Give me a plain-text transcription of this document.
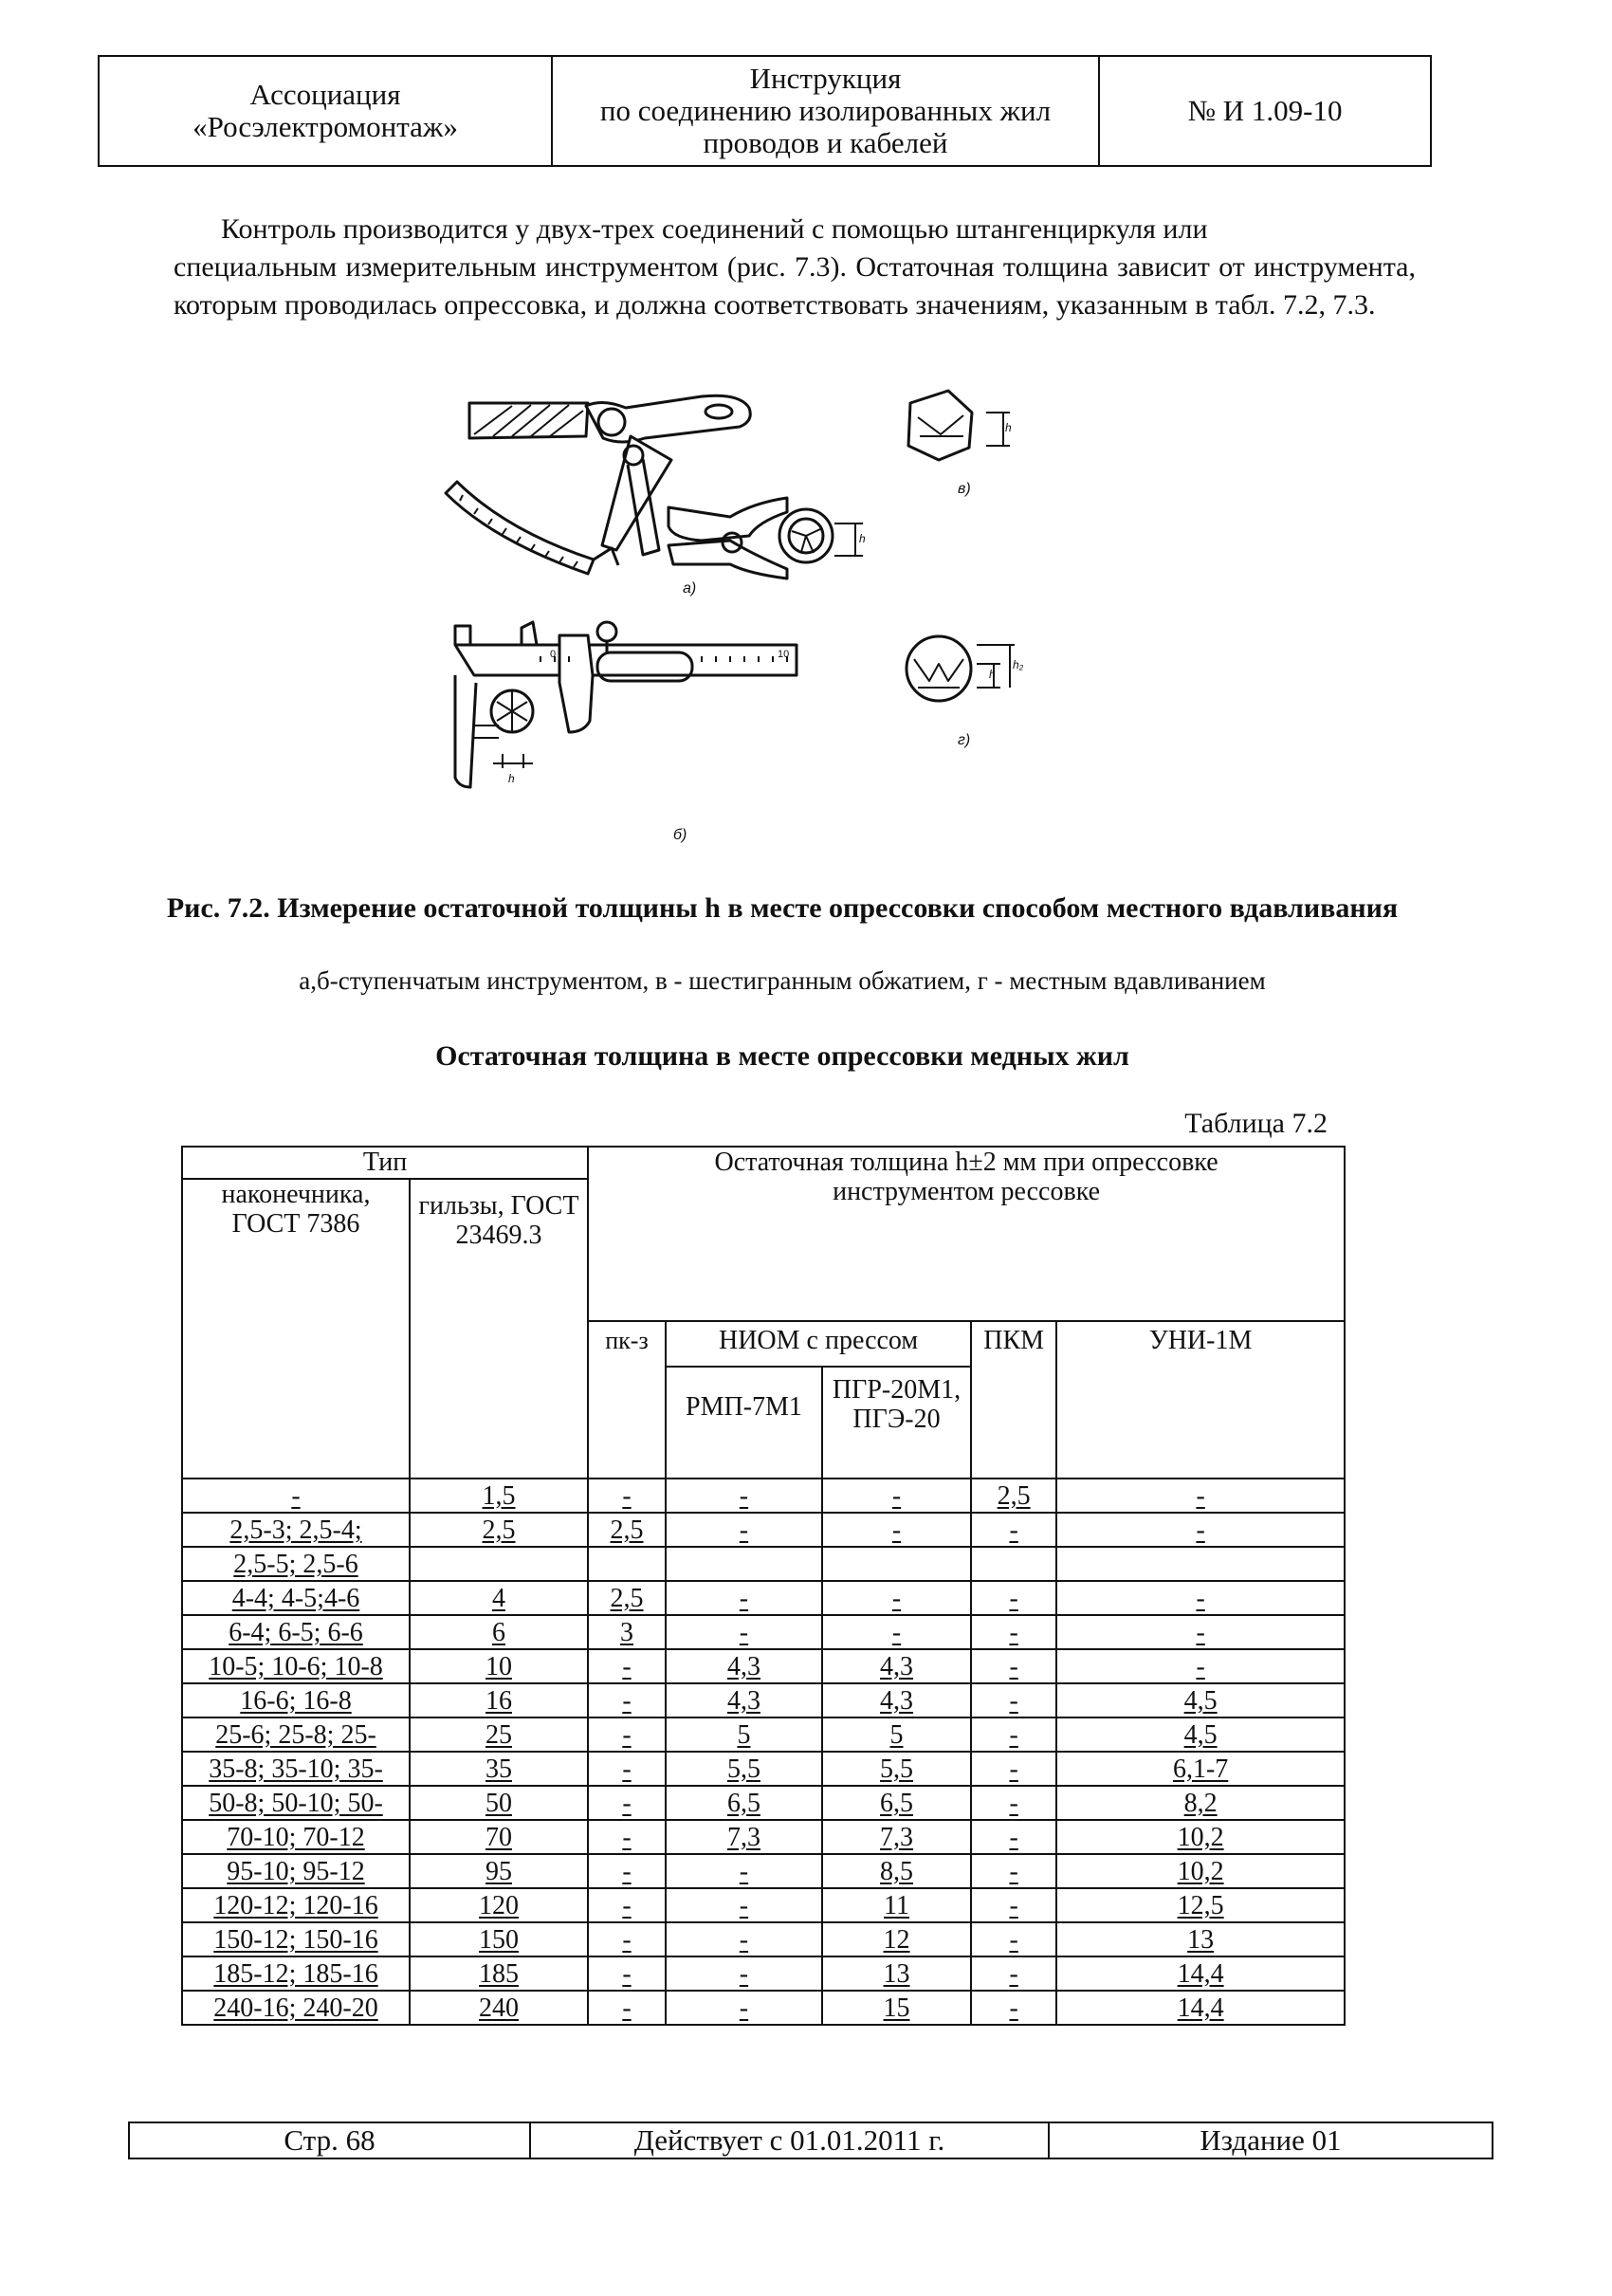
Ассоциация
«Росэлектромонтаж»
Инструкция
по соединению изолированных жил
проводов и кабелей
№ И 1.09-10
Контроль производится у двух-трех соединений с помощью штангенциркуля или
специальным измерительным инструментом (рис. 7.3). Остаточная толщина зависит от инструмента, которым проводилась опрессовка, и должна соответствовать значениям, указанным в табл. 7.2, 7.3.
а)
б)
в)
г)
h
h
h
h₂
h
0	10
Рис. 7.2. Измерение остаточной толщины h в месте опрессовки способом местного вдавливания
а,б-ступенчатым инструментом, в - шестигранным обжатием, г - местным вдавливанием
Остаточная толщина в месте опрессовки медных жил
Таблица 7.2
Тип		Остаточная толщина h±2 мм при опрессовке инструментом рессовке				
наконечника, ГОСТ 7386	гильзы, ГОСТ 23469.3					
		пк-з	НИОМ с прессом		ПКМ	УНИ-1М
			РМП-7М1	ПГР-20М1, ПГЭ-20		
-	1,5	-	-	-	2,5	-
2,5-3; 2,5-4;	2,5	2,5	-	-	-	-
2,5-5; 2,5-6						
4-4; 4-5;4-6	4	2,5	-	-	-	-
6-4; 6-5; 6-6	6	3	-	-	-	-
10-5; 10-6; 10-8	10	-	4,3	4,3	-	-
16-6; 16-8	16	-	4,3	4,3	-	4,5
25-6; 25-8; 25-	25	-	5	5	-	4,5
35-8; 35-10; 35-	35	-	5,5	5,5	-	6,1-7
50-8; 50-10; 50-	50	-	6,5	6,5	-	8,2
70-10; 70-12	70	-	7,3	7,3	-	10,2
95-10; 95-12	95	-	-	8,5	-	10,2
120-12; 120-16	120	-	-	11	-	12,5
150-12; 150-16	150	-	-	12	-	13
185-12; 185-16	185	-	-	13	-	14,4
240-16; 240-20	240	-	-	15	-	14,4
Стр. 68	Действует с 01.01.2011 г.	Издание 01
